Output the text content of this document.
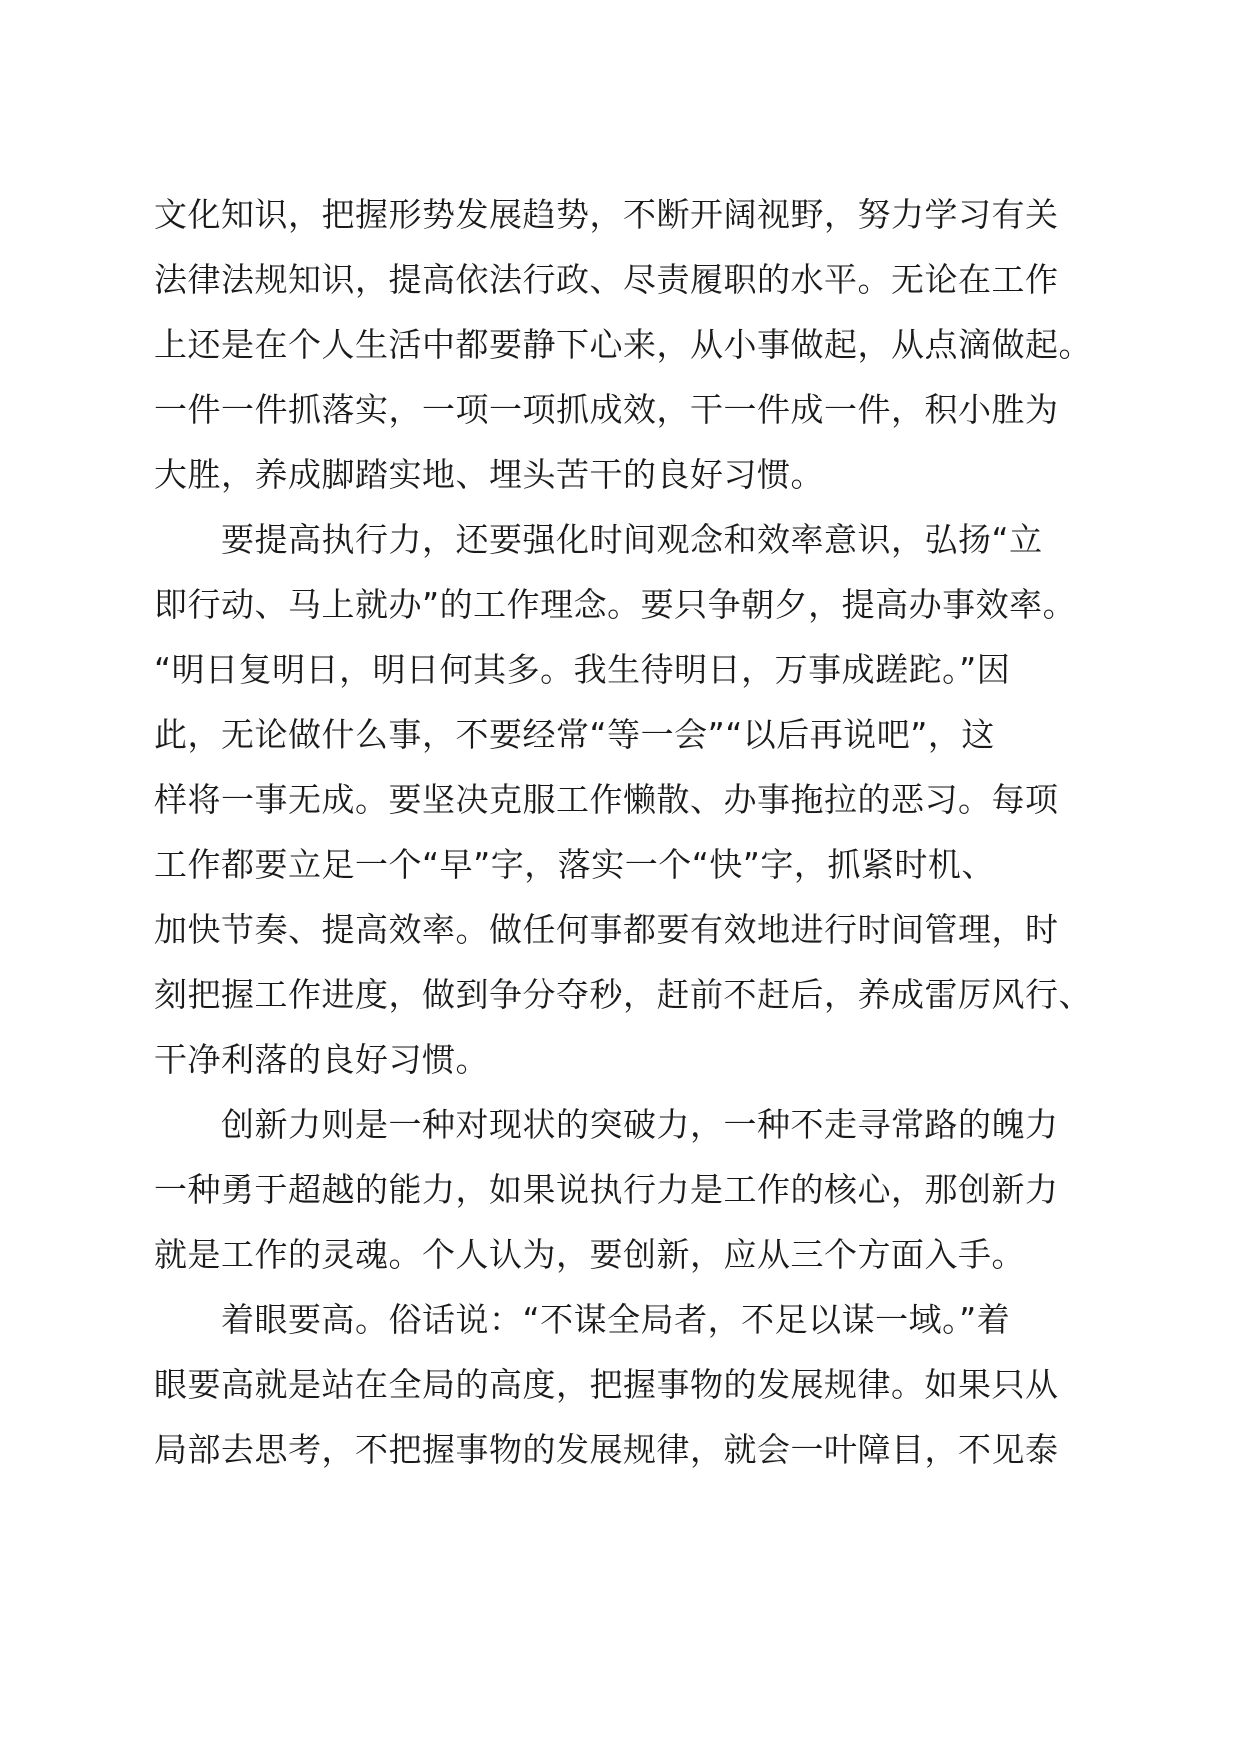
文化知识，把握形势发展趋势，不断开阔视野，努力学习有关
法律法规知识，提高依法行政、尽责履职的水平。无论在工作
上还是在个人生活中都要静下心来，从小事做起，从点滴做起。
一件一件抓落实，一项一项抓成效，干一件成一件，积小胜为
大胜，养成脚踏实地、埋头苦干的良好习惯。
　　要提高执行力，还要强化时间观念和效率意识，弘扬“立
即行动、马上就办”的工作理念。要只争朝夕，提高办事效率。
“明日复明日，明日何其多。我生待明日，万事成蹉跎。”因
此，无论做什么事，不要经常“等一会”“以后再说吧”，这
样将一事无成。要坚决克服工作懒散、办事拖拉的恶习。每项
工作都要立足一个“早”字，落实一个“快”字，抓紧时机、
加快节奏、提高效率。做任何事都要有效地进行时间管理，时
刻把握工作进度，做到争分夺秒，赶前不赶后，养成雷厉风行、
干净利落的良好习惯。
　　创新力则是一种对现状的突破力，一种不走寻常路的魄力
一种勇于超越的能力，如果说执行力是工作的核心，那创新力
就是工作的灵魂。个人认为，要创新，应从三个方面入手。
　　着眼要高。俗话说：“不谋全局者，不足以谋一域。”着
眼要高就是站在全局的高度，把握事物的发展规律。如果只从
局部去思考，不把握事物的发展规律，就会一叶障目，不见泰
